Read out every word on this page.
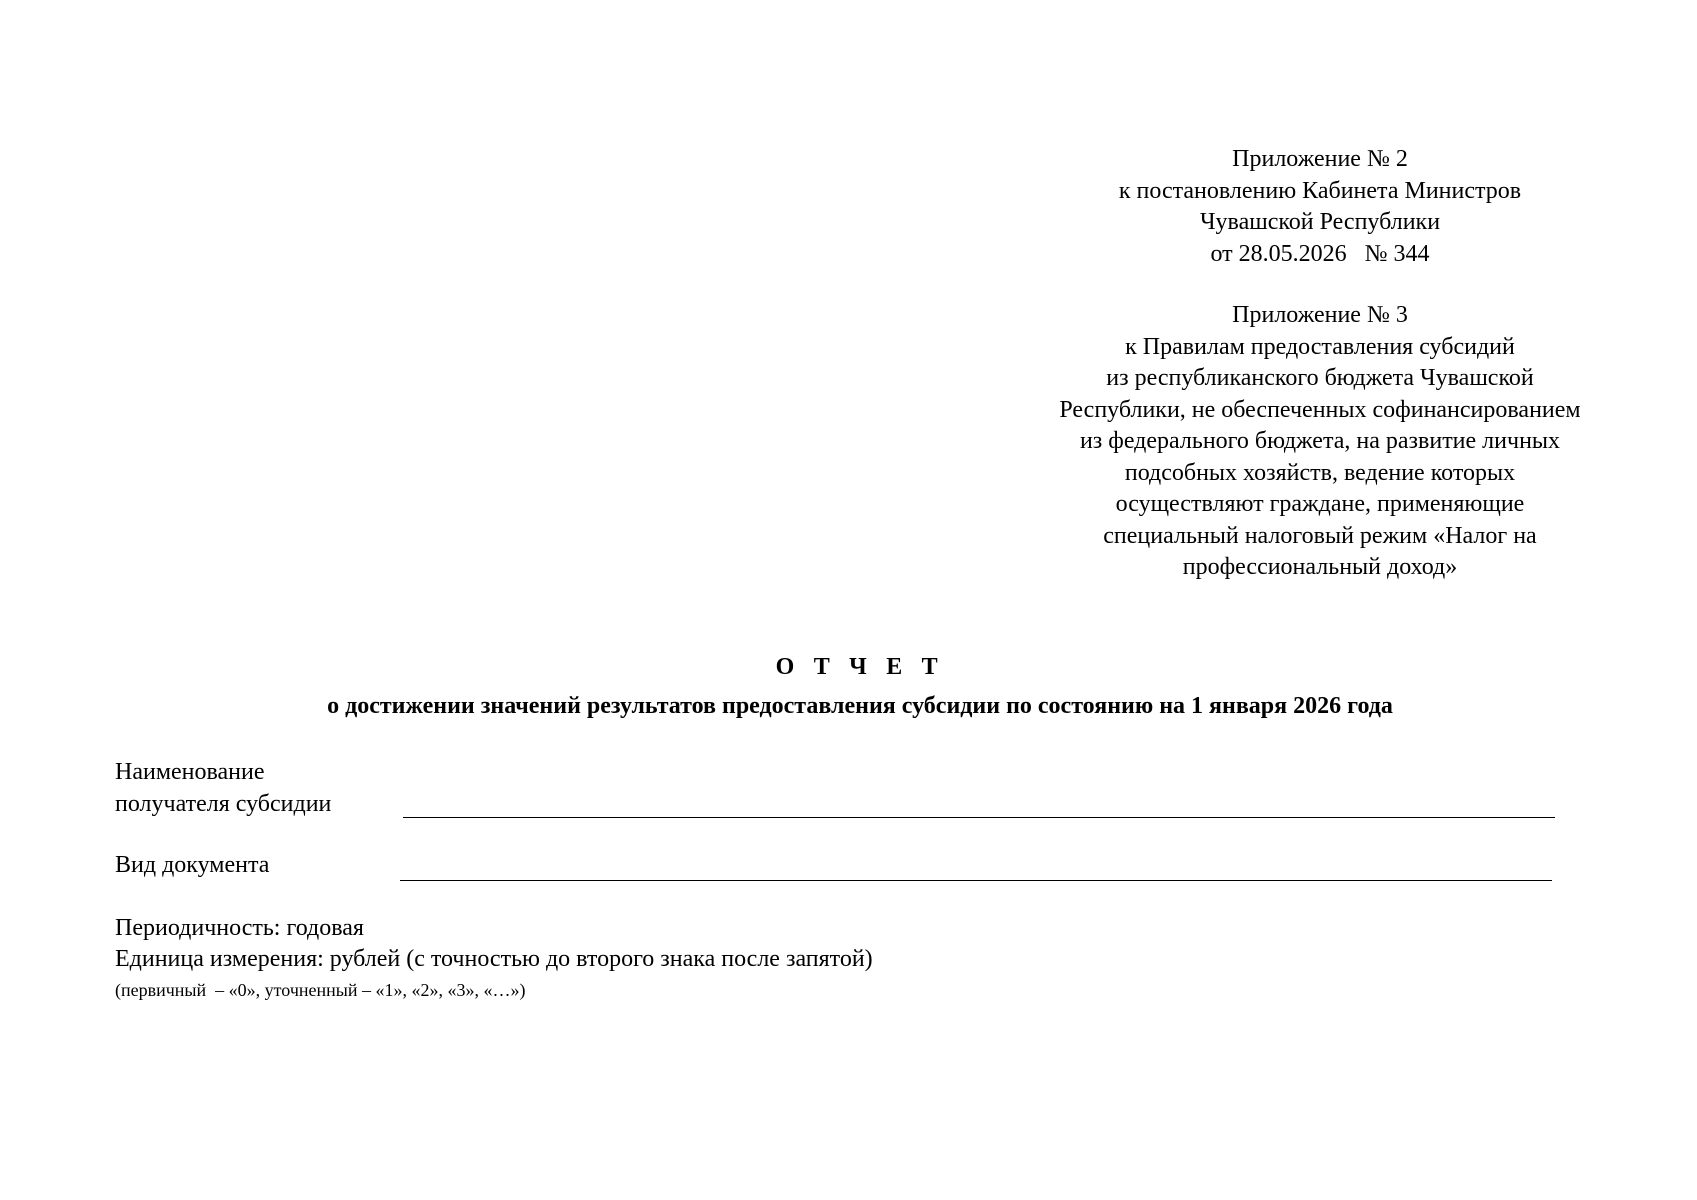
Приложение № 2
к постановлению Кабинета Министров
Чувашской Республики
от 28.05.2026   № 344
Приложение № 3
к Правилам предоставления субсидий
из республиканского бюджета Чувашской
Республики, не обеспеченных софинансированием
из федерального бюджета, на развитие личных
подсобных хозяйств, ведение которых
осуществляют граждане, применяющие
специальный налоговый режим «Налог на
профессиональный доход»
О Т Ч Е Т
о достижении значений результатов предоставления субсидии по состоянию на 1 января 2026 года
Наименование
получателя субсидии
Вид документа
Периодичность: годовая
Единица измерения: рублей (с точностью до второго знака после запятой)
(первичный  – «0», уточненный – «1», «2», «3», «…»)
